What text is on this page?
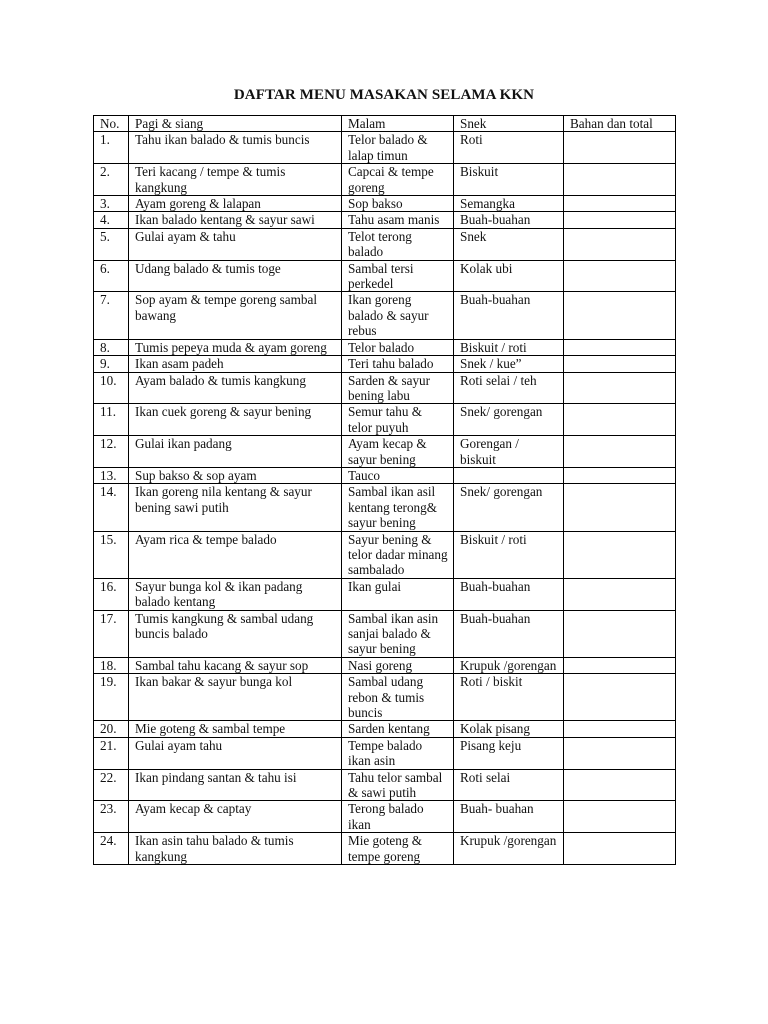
DAFTAR MENU MASAKAN SELAMA KKN
No.	Pagi & siang	Malam	Snek	Bahan dan total
1.	Tahu ikan balado & tumis buncis	Telor balado & lalap timun	Roti	
2.	Teri kacang / tempe & tumis kangkung	Capcai & tempe goreng	Biskuit	
3.	Ayam goreng & lalapan	Sop bakso	Semangka	
4.	Ikan balado kentang & sayur sawi	Tahu asam manis	Buah-buahan	
5.	Gulai ayam & tahu	Telot terong balado	Snek	
6.	Udang balado & tumis toge	Sambal tersi perkedel	Kolak ubi	
7.	Sop ayam & tempe goreng sambal bawang	Ikan goreng balado & sayur rebus	Buah-buahan	
8.	Tumis pepeya muda & ayam goreng	Telor balado	Biskuit / roti	
9.	Ikan asam padeh	Teri tahu balado	Snek / kue”	
10.	Ayam balado & tumis kangkung	Sarden & sayur bening labu	Roti selai / teh	
11.	Ikan cuek goreng & sayur bening	Semur tahu & telor puyuh	Snek/ gorengan	
12.	Gulai ikan padang	Ayam kecap & sayur bening	Gorengan / biskuit	
13.	Sup bakso & sop ayam	Tauco		
14.	Ikan goreng nila kentang & sayur bening sawi putih	Sambal ikan asil kentang terong& sayur bening	Snek/ gorengan	
15.	Ayam rica & tempe balado	Sayur bening & telor dadar minang sambalado	Biskuit / roti	
16.	Sayur bunga kol & ikan padang balado kentang	Ikan gulai	Buah-buahan	
17.	Tumis kangkung & sambal udang buncis balado	Sambal ikan asin sanjai balado & sayur bening	Buah-buahan	
18.	Sambal tahu kacang & sayur sop	Nasi goreng	Krupuk /gorengan	
19.	Ikan bakar & sayur bunga kol	Sambal udang rebon & tumis buncis	Roti / biskit	
20.	Mie goteng & sambal tempe	Sarden kentang	Kolak pisang	
21.	Gulai ayam tahu	Tempe balado ikan asin	Pisang keju	
22.	Ikan pindang santan & tahu isi	Tahu telor sambal & sawi putih	Roti selai	
23.	Ayam kecap & captay	Terong balado ikan	Buah- buahan	
24.	Ikan asin tahu balado & tumis kangkung	Mie goteng & tempe goreng	Krupuk /gorengan	
